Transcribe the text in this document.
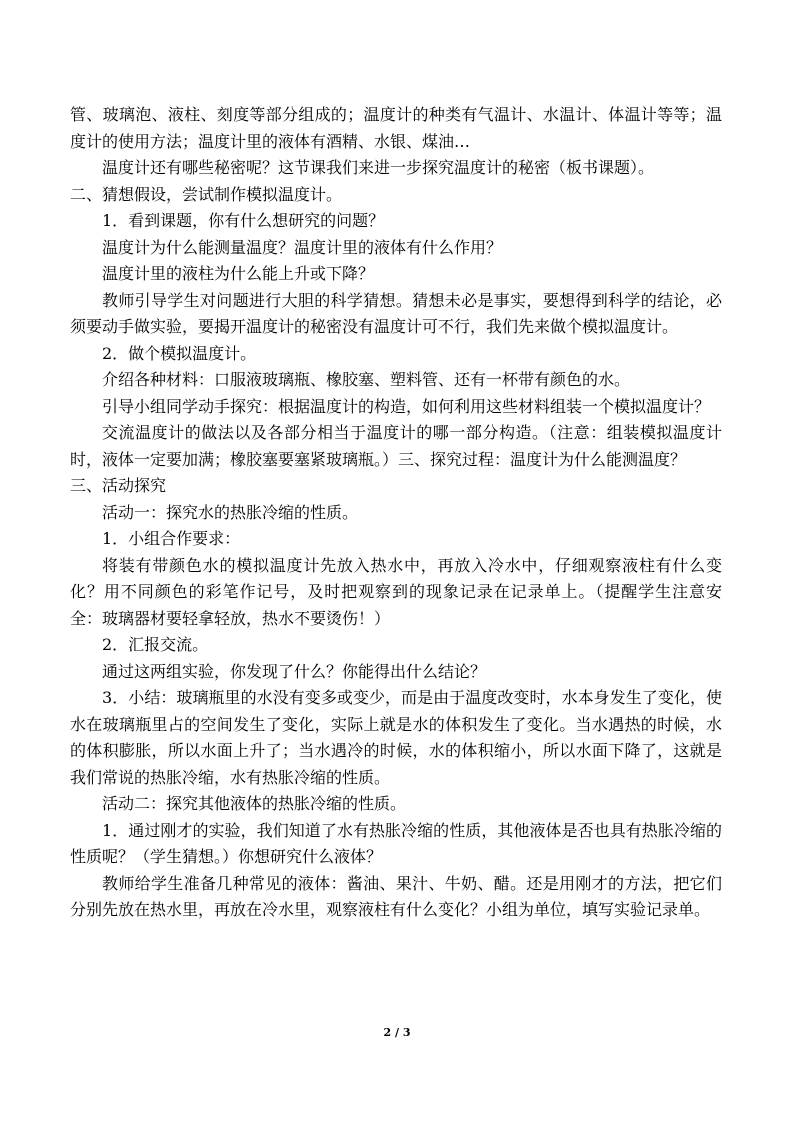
管、玻璃泡、液柱、刻度等部分组成的；温度计的种类有气温计、水温计、体温计等等；温
度计的使用方法；温度计里的液体有酒精、水银、煤油…
温度计还有哪些秘密呢？这节课我们来进一步探究温度计的秘密（板书课题）。
二、猜想假设，尝试制作模拟温度计。
1．看到课题，你有什么想研究的问题？
温度计为什么能测量温度？温度计里的液体有什么作用？
温度计里的液柱为什么能上升或下降？
教师引导学生对问题进行大胆的科学猜想。猜想未必是事实，要想得到科学的结论，必
须要动手做实验，要揭开温度计的秘密没有温度计可不行，我们先来做个模拟温度计。
2．做个模拟温度计。
介绍各种材料：口服液玻璃瓶、橡胶塞、塑料管、还有一杯带有颜色的水。
引导小组同学动手探究：根据温度计的构造，如何利用这些材料组装一个模拟温度计？
交流温度计的做法以及各部分相当于温度计的哪一部分构造。（注意：组装模拟温度计
时，液体一定要加满；橡胶塞要塞紧玻璃瓶。）三、探究过程：温度计为什么能测温度？
三、活动探究
活动一：探究水的热胀冷缩的性质。
1．小组合作要求：
将装有带颜色水的模拟温度计先放入热水中，再放入冷水中，仔细观察液柱有什么变
化？用不同颜色的彩笔作记号，及时把观察到的现象记录在记录单上。（提醒学生注意安
全：玻璃器材要轻拿轻放，热水不要烫伤！）
2．汇报交流。
通过这两组实验，你发现了什么？你能得出什么结论？
3．小结：玻璃瓶里的水没有变多或变少，而是由于温度改变时，水本身发生了变化，使
水在玻璃瓶里占的空间发生了变化，实际上就是水的体积发生了变化。当水遇热的时候，水
的体积膨胀，所以水面上升了；当水遇冷的时候，水的体积缩小，所以水面下降了，这就是
我们常说的热胀冷缩，水有热胀冷缩的性质。
活动二：探究其他液体的热胀冷缩的性质。
1．通过刚才的实验，我们知道了水有热胀冷缩的性质，其他液体是否也具有热胀冷缩的
性质呢？（学生猜想。）你想研究什么液体？
教师给学生准备几种常见的液体：酱油、果汁、牛奶、醋。还是用刚才的方法，把它们
分别先放在热水里，再放在冷水里，观察液柱有什么变化？小组为单位，填写实验记录单。
2 / 3
